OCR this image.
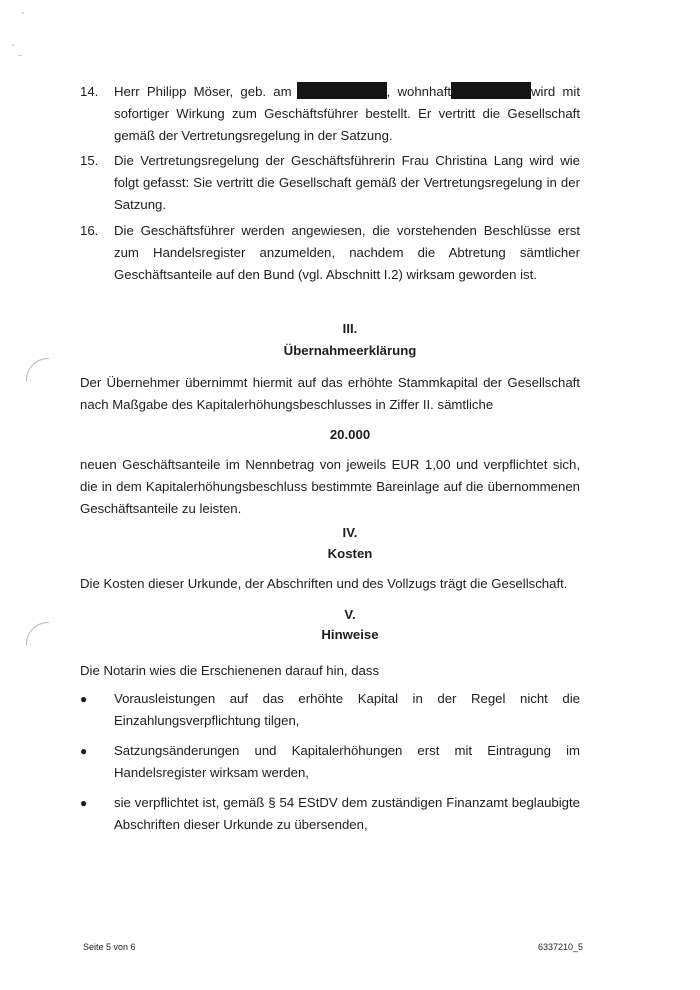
14.	Herr Philipp Möser, geb. am	, wohnhaft	wird mit sofortiger Wirkung zum Geschäftsführer bestellt. Er vertritt die Gesellschaft gemäß der Vertretungsregelung in der Satzung.
15.	Die Vertretungsregelung der Geschäftsführerin Frau Christina Lang wird wie folgt gefasst: Sie vertritt die Gesellschaft gemäß der Vertretungsregelung in der Satzung.
16.	Die Geschäftsführer werden angewiesen, die vorstehenden Beschlüsse erst zum Handelsregister anzumelden, nachdem die Abtretung sämtlicher Geschäftsanteile auf den Bund (vgl. Abschnitt I.2) wirksam geworden ist.
III.
Übernahmeerklärung
Der Übernehmer übernimmt hiermit auf das erhöhte Stammkapital der Gesellschaft nach Maßgabe des Kapitalerhöhungsbeschlusses in Ziffer II. sämtliche
20.000
neuen Geschäftsanteile im Nennbetrag von jeweils EUR 1,00 und verpflichtet sich, die in dem Kapitalerhöhungsbeschluss bestimmte Bareinlage auf die übernommenen Geschäftsanteile zu leisten.
IV.
Kosten
Die Kosten dieser Urkunde, der Abschriften und des Vollzugs trägt die Gesellschaft.
V.
Hinweise
Die Notarin wies die Erschienenen darauf hin, dass
●	Vorausleistungen auf das erhöhte Kapital in der Regel nicht die Einzahlungsverpflichtung tilgen,
●	Satzungsänderungen und Kapitalerhöhungen erst mit Eintragung im Handelsregister wirksam werden,
●	sie verpflichtet ist, gemäß § 54 EStDV dem zuständigen Finanzamt beglaubigte Abschriften dieser Urkunde zu übersenden,
Seite 5 von 6	6337210_5
